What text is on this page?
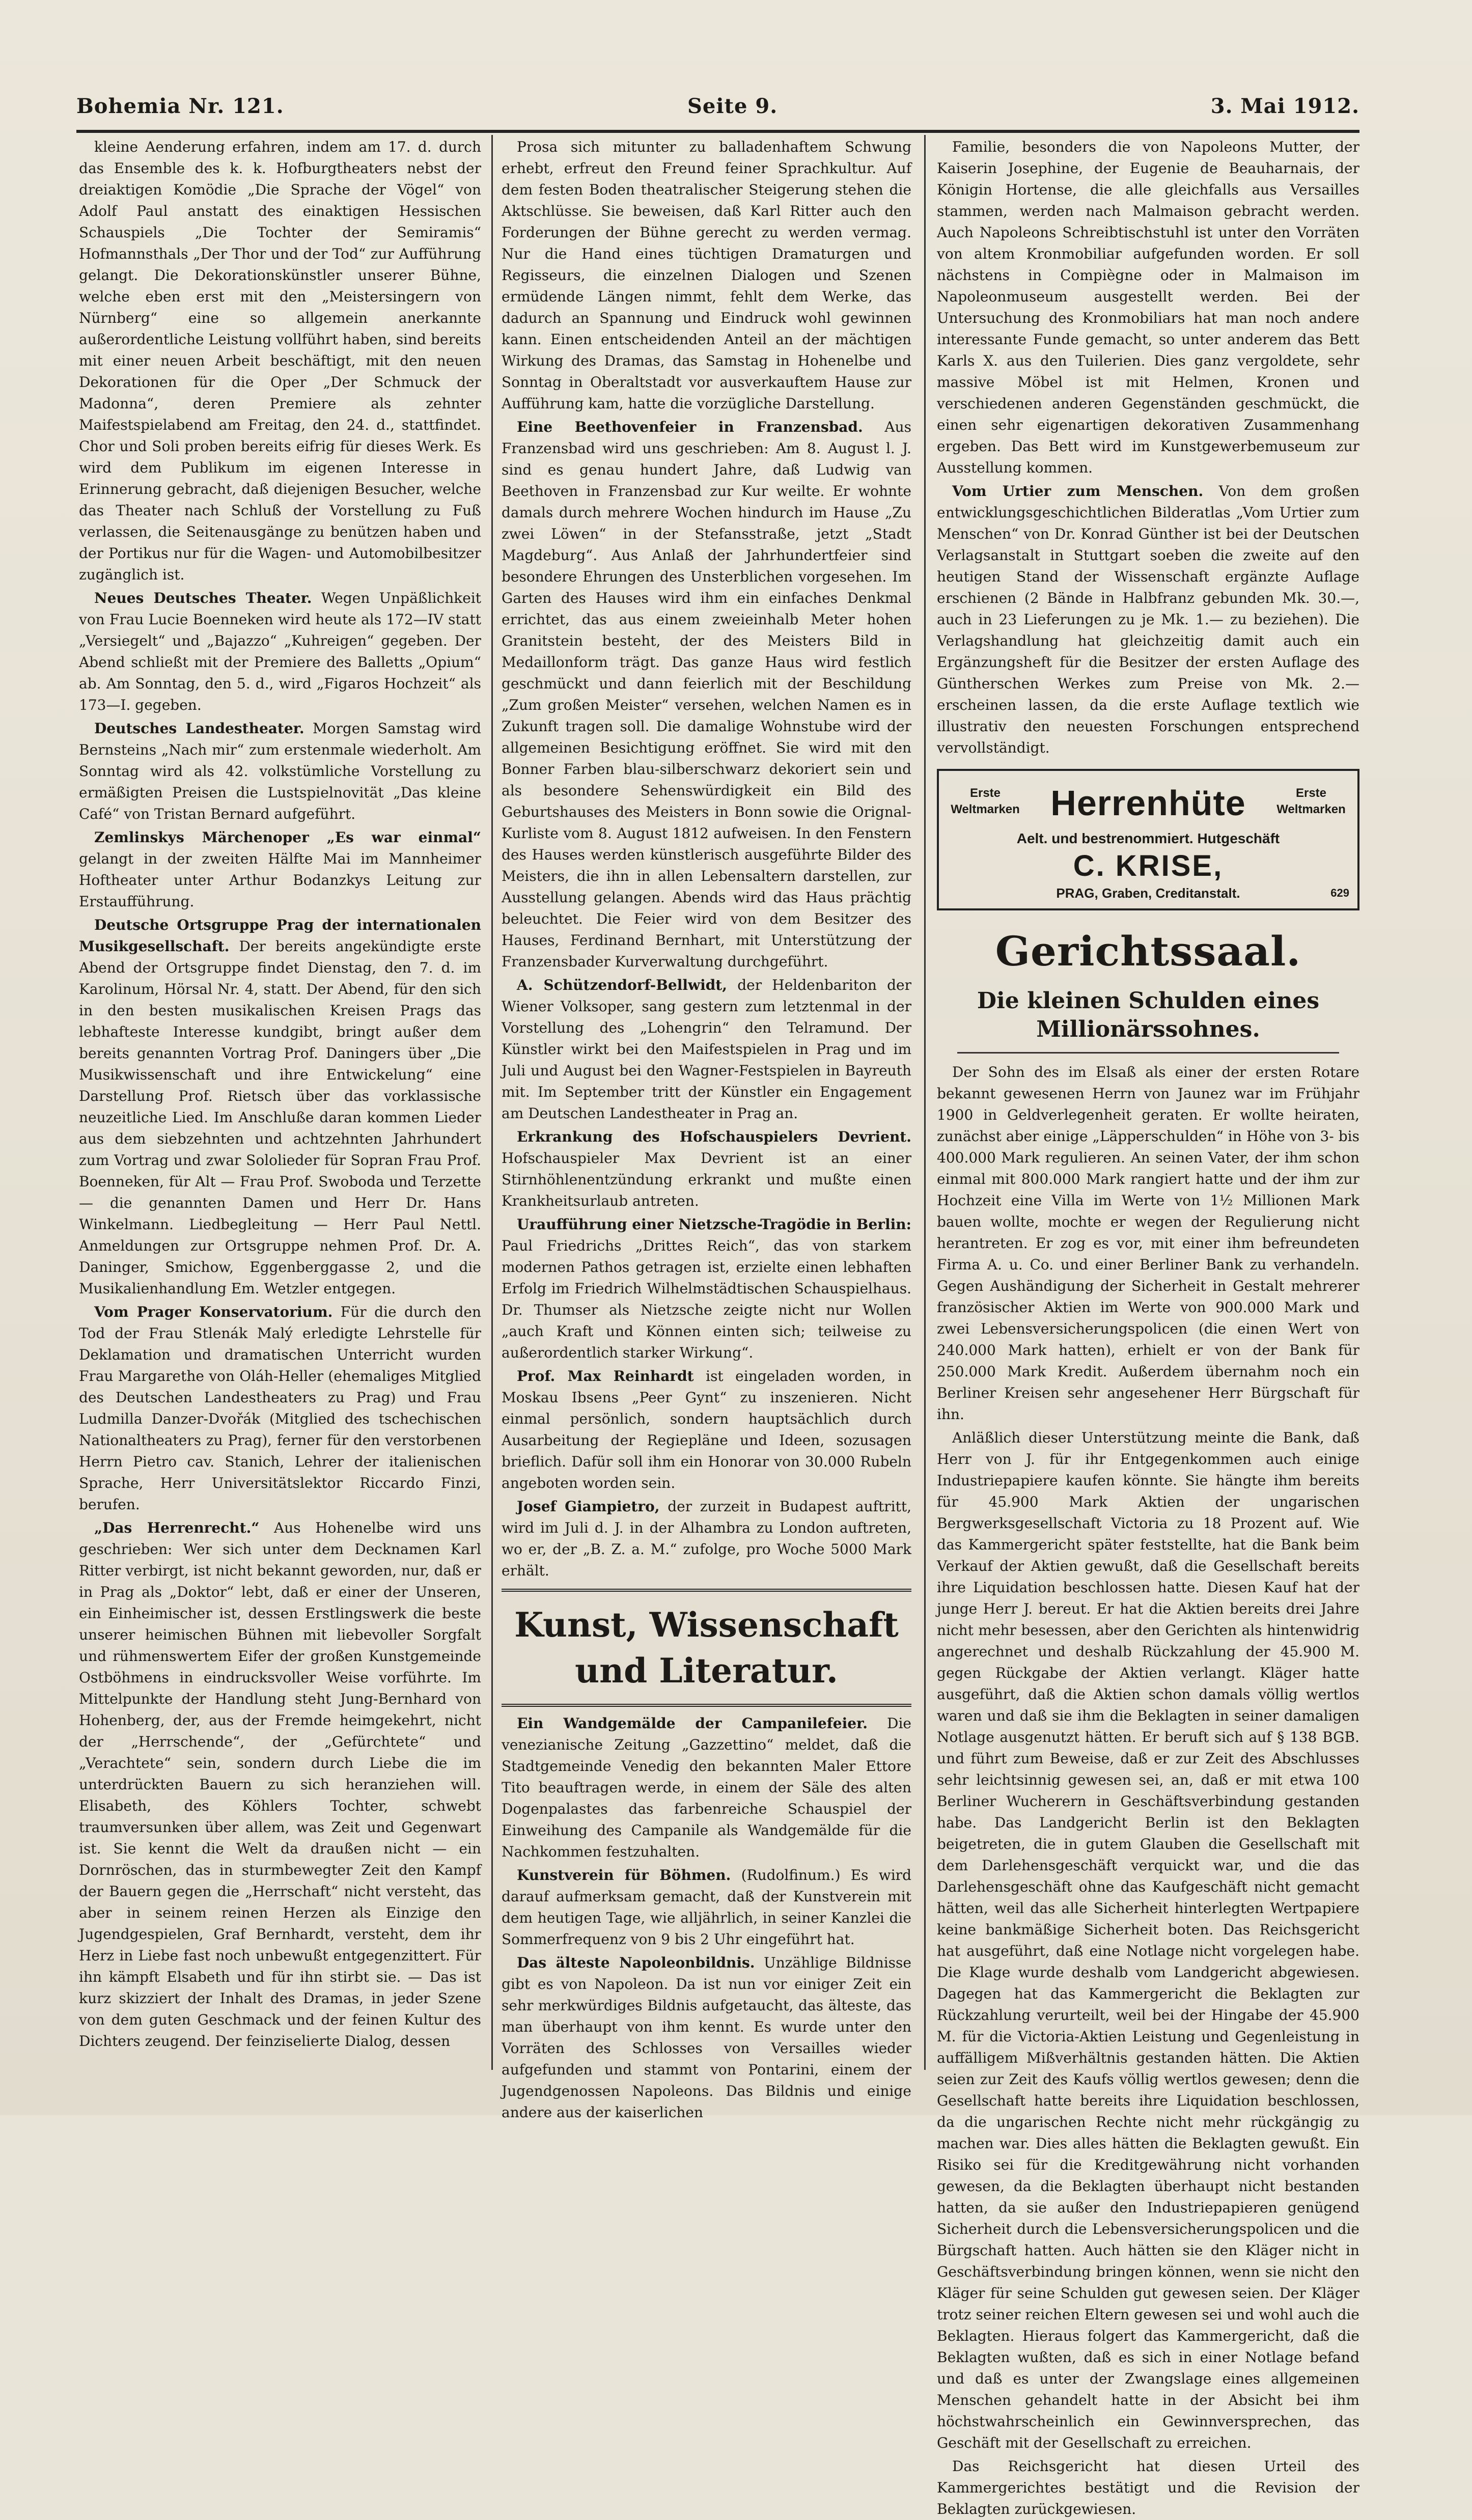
Bohemia Nr. 121.	Seite 9.	3. Mai 1912.

kleine Aenderung erfahren, indem am 17. d. durch das Ensemble des k. k. Hofburgtheaters nebst der dreiaktigen Komödie „Die Sprache der Vögel“ von Adolf Paul anstatt des einaktigen Hessischen Schauspiels „Die Tochter der Semiramis“ Hofmannsthals „Der Thor und der Tod“ zur Aufführung gelangt. Die Dekorationskünstler unserer Bühne, welche eben erst mit den „Meistersingern von Nürnberg“ eine so allgemein anerkannte außerordentliche Leistung vollführt haben, sind bereits mit einer neuen Arbeit beschäftigt, mit den neuen Dekorationen für die Oper „Der Schmuck der Madonna“, deren Premiere als zehnter Maifestspielabend am Freitag, den 24. d., stattfindet. Chor und Soli proben bereits eifrig für dieses Werk. Es wird dem Publikum im eigenen Interesse in Erinnerung gebracht, daß diejenigen Besucher, welche das Theater nach Schluß der Vorstellung zu Fuß verlassen, die Seitenausgänge zu benützen haben und der Portikus nur für die Wagen- und Automobilbesitzer zugänglich ist.

Neues Deutsches Theater. Wegen Unpäßlichkeit von Frau Lucie Boenneken wird heute als 172—IV statt „Versiegelt“ und „Bajazzo“ „Kuhreigen“ gegeben. Der Abend schließt mit der Premiere des Balletts „Opium“ ab. Am Sonntag, den 5. d., wird „Figaros Hochzeit“ als 173—I. gegeben.

Deutsches Landestheater. Morgen Samstag wird Bernsteins „Nach mir“ zum erstenmale wiederholt. Am Sonntag wird als 42. volkstümliche Vorstellung zu ermäßigten Preisen die Lustspielnovität „Das kleine Café“ von Tristan Bernard aufgeführt.

Zemlinskys Märchenoper „Es war einmal“ gelangt in der zweiten Hälfte Mai im Mannheimer Hoftheater unter Arthur Bodanzkys Leitung zur Erstaufführung.

Deutsche Ortsgruppe Prag der internationalen Musikgesellschaft. Der bereits angekündigte erste Abend der Ortsgruppe findet Dienstag, den 7. d. im Karolinum, Hörsal Nr. 4, statt. Der Abend, für den sich in den besten musikalischen Kreisen Prags das lebhafteste Interesse kundgibt, bringt außer dem bereits genannten Vortrag Prof. Daningers über „Die Musikwissenschaft und ihre Entwickelung“ eine Darstellung Prof. Rietsch über das vorklassische neuzeitliche Lied. Im Anschluße daran kommen Lieder aus dem siebzehnten und achtzehnten Jahrhundert zum Vortrag und zwar Sololieder für Sopran Frau Prof. Boenneken, für Alt — Frau Prof. Swoboda und Terzette — die genannten Damen und Herr Dr. Hans Winkelmann. Liedbegleitung — Herr Paul Nettl. Anmeldungen zur Ortsgruppe nehmen Prof. Dr. A. Daninger, Smichow, Eggenberggasse 2, und die Musikalienhandlung Em. Wetzler entgegen.

Vom Prager Konservatorium. Für die durch den Tod der Frau Stlenák Malý erledigte Lehrstelle für Deklamation und dramatischen Unterricht wurden Frau Margarethe von Oláh-Heller (ehemaliges Mitglied des Deutschen Landestheaters zu Prag) und Frau Ludmilla Danzer-Dvořák (Mitglied des tschechischen Nationaltheaters zu Prag), ferner für den verstorbenen Herrn Pietro cav. Stanich, Lehrer der italienischen Sprache, Herr Universitätslektor Riccardo Finzi, berufen.

„Das Herrenrecht.“ Aus Hohenelbe wird uns geschrieben: Wer sich unter dem Decknamen Karl Ritter verbirgt, ist nicht bekannt geworden, nur, daß er in Prag als „Doktor“ lebt, daß er einer der Unseren, ein Einheimischer ist, dessen Erstlingswerk die beste unserer heimischen Bühnen mit liebevoller Sorgfalt und rühmenswertem Eifer der großen Kunstgemeinde Ostböhmens in eindrucksvoller Weise vorführte. Im Mittelpunkte der Handlung steht Jung-Bernhard von Hohenberg, der, aus der Fremde heimgekehrt, nicht der „Herrschende“, der „Gefürchtete“ und „Verachtete“ sein, sondern durch Liebe die im unterdrückten Bauern zu sich heranziehen will. Elisabeth, des Köhlers Tochter, schwebt traumversunken über allem, was Zeit und Gegenwart ist. Sie kennt die Welt da draußen nicht — ein Dornröschen, das in sturmbewegter Zeit den Kampf der Bauern gegen die „Herrschaft“ nicht versteht, das aber in seinem reinen Herzen als Einzige den Jugendgespielen, Graf Bernhardt, versteht, dem ihr Herz in Liebe fast noch unbewußt entgegenzittert. Für ihn kämpft Elsabeth und für ihn stirbt sie. — Das ist kurz skizziert der Inhalt des Dramas, in jeder Szene von dem guten Geschmack und der feinen Kultur des Dichters zeugend. Der feinziselierte Dialog, dessen

Prosa sich mitunter zu balladenhaftem Schwung erhebt, erfreut den Freund feiner Sprachkultur. Auf dem festen Boden theatralischer Steigerung stehen die Aktschlüsse. Sie beweisen, daß Karl Ritter auch den Forderungen der Bühne gerecht zu werden vermag. Nur die Hand eines tüchtigen Dramaturgen und Regisseurs, die einzelnen Dialogen und Szenen ermüdende Längen nimmt, fehlt dem Werke, das dadurch an Spannung und Eindruck wohl gewinnen kann. Einen entscheidenden Anteil an der mächtigen Wirkung des Dramas, das Samstag in Hohenelbe und Sonntag in Oberaltstadt vor ausverkauftem Hause zur Aufführung kam, hatte die vorzügliche Darstellung.

Eine Beethovenfeier in Franzensbad. Aus Franzensbad wird uns geschrieben: Am 8. August l. J. sind es genau hundert Jahre, daß Ludwig van Beethoven in Franzensbad zur Kur weilte. Er wohnte damals durch mehrere Wochen hindurch im Hause „Zu zwei Löwen“ in der Stefansstraße, jetzt „Stadt Magdeburg“. Aus Anlaß der Jahrhundertfeier sind besondere Ehrungen des Unsterblichen vorgesehen. Im Garten des Hauses wird ihm ein einfaches Denkmal errichtet, das aus einem zweieinhalb Meter hohen Granitstein besteht, der des Meisters Bild in Medaillonform trägt. Das ganze Haus wird festlich geschmückt und dann feierlich mit der Beschildung „Zum großen Meister“ versehen, welchen Namen es in Zukunft tragen soll. Die damalige Wohnstube wird der allgemeinen Besichtigung eröffnet. Sie wird mit den Bonner Farben blau-silberschwarz dekoriert sein und als besondere Sehenswürdigkeit ein Bild des Geburtshauses des Meisters in Bonn sowie die Orignal-Kurliste vom 8. August 1812 aufweisen. In den Fenstern des Hauses werden künstlerisch ausgeführte Bilder des Meisters, die ihn in allen Lebensaltern darstellen, zur Ausstellung gelangen. Abends wird das Haus prächtig beleuchtet. Die Feier wird von dem Besitzer des Hauses, Ferdinand Bernhart, mit Unterstützung der Franzensbader Kurverwaltung durchgeführt.

A. Schützendorf-Bellwidt, der Heldenbariton der Wiener Volksoper, sang gestern zum letztenmal in der Vorstellung des „Lohengrin“ den Telramund. Der Künstler wirkt bei den Maifestspielen in Prag und im Juli und August bei den Wagner-Festspielen in Bayreuth mit. Im September tritt der Künstler ein Engagement am Deutschen Landestheater in Prag an.

Erkrankung des Hofschauspielers Devrient. Hofschauspieler Max Devrient ist an einer Stirnhöhlenentzündung erkrankt und mußte einen Krankheitsurlaub antreten.

Uraufführung einer Nietzsche-Tragödie in Berlin: Paul Friedrichs „Drittes Reich“, das von starkem modernen Pathos getragen ist, erzielte einen lebhaften Erfolg im Friedrich Wilhelmstädtischen Schauspielhaus. Dr. Thumser als Nietzsche zeigte nicht nur Wollen „auch Kraft und Können einten sich; teilweise zu außerordentlich starker Wirkung“.

Prof. Max Reinhardt ist eingeladen worden, in Moskau Ibsens „Peer Gynt“ zu inszenieren. Nicht einmal persönlich, sondern hauptsächlich durch Ausarbeitung der Regiepläne und Ideen, sozusagen brieflich. Dafür soll ihm ein Honorar von 30.000 Rubeln angeboten worden sein.

Josef Giampietro, der zurzeit in Budapest auftritt, wird im Juli d. J. in der Alhambra zu London auftreten, wo er, der „B. Z. a. M.“ zufolge, pro Woche 5000 Mark erhält.

Kunst, Wissenschaft und Literatur.

Ein Wandgemälde der Campanilefeier. Die venezianische Zeitung „Gazzettino“ meldet, daß die Stadtgemeinde Venedig den bekannten Maler Ettore Tito beauftragen werde, in einem der Säle des alten Dogenpalastes das farbenreiche Schauspiel der Einweihung des Campanile als Wandgemälde für die Nachkommen festzuhalten.

Kunstverein für Böhmen. (Rudolfinum.) Es wird darauf aufmerksam gemacht, daß der Kunstverein mit dem heutigen Tage, wie alljährlich, in seiner Kanzlei die Sommerfrequenz von 9 bis 2 Uhr eingeführt hat.

Das älteste Napoleonbildnis. Unzählige Bildnisse gibt es von Napoleon. Da ist nun vor einiger Zeit ein sehr merkwürdiges Bildnis aufgetaucht, das älteste, das man überhaupt von ihm kennt. Es wurde unter den Vorräten des Schlosses von Versailles wieder aufgefunden und stammt von Pontarini, einem der Jugendgenossen Napoleons. Das Bildnis und einige andere aus der kaiserlichen

Familie, besonders die von Napoleons Mutter, der Kaiserin Josephine, der Eugenie de Beauharnais, der Königin Hortense, die alle gleichfalls aus Versailles stammen, werden nach Malmaison gebracht werden. Auch Napoleons Schreibtischstuhl ist unter den Vorräten von altem Kronmobiliar aufgefunden worden. Er soll nächstens in Compiègne oder in Malmaison im Napoleonmuseum ausgestellt werden. Bei der Untersuchung des Kronmobiliars hat man noch andere interessante Funde gemacht, so unter anderem das Bett Karls X. aus den Tuilerien. Dies ganz vergoldete, sehr massive Möbel ist mit Helmen, Kronen und verschiedenen anderen Gegenständen geschmückt, die einen sehr eigenartigen dekorativen Zusammenhang ergeben. Das Bett wird im Kunstgewerbemuseum zur Ausstellung kommen.

Vom Urtier zum Menschen. Von dem großen entwicklungsgeschichtlichen Bilderatlas „Vom Urtier zum Menschen“ von Dr. Konrad Günther ist bei der Deutschen Verlagsanstalt in Stuttgart soeben die zweite auf den heutigen Stand der Wissenschaft ergänzte Auflage erschienen (2 Bände in Halbfranz gebunden Mk. 30.—, auch in 23 Lieferungen zu je Mk. 1.— zu beziehen). Die Verlagshandlung hat gleichzeitig damit auch ein Ergänzungsheft für die Besitzer der ersten Auflage des Güntherschen Werkes zum Preise von Mk. 2.— erscheinen lassen, da die erste Auflage textlich wie illustrativ den neuesten Forschungen entsprechend vervollständigt.

Erste Weltmarken Herrenhüte	Erste Weltmarken
Aelt. und bestrenommiert. Hutgeschäft
C. KRISE,
PRAG, Graben, Creditanstalt.	629
Gerichtssaal.
Die kleinen Schulden eines Millionärssohnes.

Der Sohn des im Elsaß als einer der ersten Rotare bekannt gewesenen Herrn von Jaunez war im Frühjahr 1900 in Geldverlegenheit geraten. Er wollte heiraten, zunächst aber einige „Läpperschulden“ in Höhe von 3- bis 400.000 Mark regulieren. An seinen Vater, der ihm schon einmal mit 800.000 Mark rangiert hatte und der ihm zur Hochzeit eine Villa im Werte von 1½ Millionen Mark bauen wollte, mochte er wegen der Regulierung nicht herantreten. Er zog es vor, mit einer ihm befreundeten Firma A. u. Co. und einer Berliner Bank zu verhandeln. Gegen Aushändigung der Sicherheit in Gestalt mehrerer französischer Aktien im Werte von 900.000 Mark und zwei Lebensversicherungspolicen (die einen Wert von 240.000 Mark hatten), erhielt er von der Bank für 250.000 Mark Kredit. Außerdem übernahm noch ein Berliner Kreisen sehr angesehener Herr Bürgschaft für ihn.

Anläßlich dieser Unterstützung meinte die Bank, daß Herr von J. für ihr Entgegenkommen auch einige Industriepapiere kaufen könnte. Sie hängte ihm bereits für 45.900 Mark Aktien der ungarischen Bergwerksgesellschaft Victoria zu 18 Prozent auf. Wie das Kammergericht später feststellte, hat die Bank beim Verkauf der Aktien gewußt, daß die Gesellschaft bereits ihre Liquidation beschlossen hatte. Diesen Kauf hat der junge Herr J. bereut. Er hat die Aktien bereits drei Jahre nicht mehr besessen, aber den Gerichten als hintenwidrig angerechnet und deshalb Rückzahlung der 45.900 M. gegen Rückgabe der Aktien verlangt. Kläger hatte ausgeführt, daß die Aktien schon damals völlig wertlos waren und daß sie ihm die Beklagten in seiner damaligen Notlage ausgenutzt hätten. Er beruft sich auf § 138 BGB. und führt zum Beweise, daß er zur Zeit des Abschlusses sehr leichtsinnig gewesen sei, an, daß er mit etwa 100 Berliner Wucherern in Geschäftsverbindung gestanden habe. Das Landgericht Berlin ist den Beklagten beigetreten, die in gutem Glauben die Gesellschaft mit dem Darlehensgeschäft verquickt war, und die das Darlehensgeschäft ohne das Kaufgeschäft nicht gemacht hätten, weil das alle Sicherheit hinterlegten Wertpapiere keine bankmäßige Sicherheit boten. Das Reichsgericht hat ausgeführt, daß eine Notlage nicht vorgelegen habe. Die Klage wurde deshalb vom Landgericht abgewiesen. Dagegen hat das Kammergericht die Beklagten zur Rückzahlung verurteilt, weil bei der Hingabe der 45.900 M. für die Victoria-Aktien Leistung und Gegenleistung in auffälligem Mißverhältnis gestanden hätten. Die Aktien seien zur Zeit des Kaufs völlig wertlos gewesen; denn die Gesellschaft hatte bereits ihre Liquidation beschlossen, da die ungarischen Rechte nicht mehr rückgängig zu machen war. Dies alles hätten die Beklagten gewußt. Ein Risiko sei für die Kreditgewährung nicht vorhanden gewesen, da die Beklagten überhaupt nicht bestanden hatten, da sie außer den Industriepapieren genügend Sicherheit durch die Lebensversicherungspolicen und die Bürgschaft hatten. Auch hätten sie den Kläger nicht in Geschäftsverbindung bringen können, wenn sie nicht den Kläger für seine Schulden gut gewesen seien. Der Kläger trotz seiner reichen Eltern gewesen sei und wohl auch die Beklagten. Hieraus folgert das Kammergericht, daß die Beklagten wußten, daß es sich in einer Notlage befand und daß es unter der Zwangslage eines allgemeinen Menschen gehandelt hatte in der Absicht bei ihm höchstwahrscheinlich ein Gewinnversprechen, das Geschäft mit der Gesellschaft zu erreichen.

Das Reichsgericht hat diesen Urteil des Kammergerichtes bestätigt und die Revision der Beklagten zurückgewiesen.
